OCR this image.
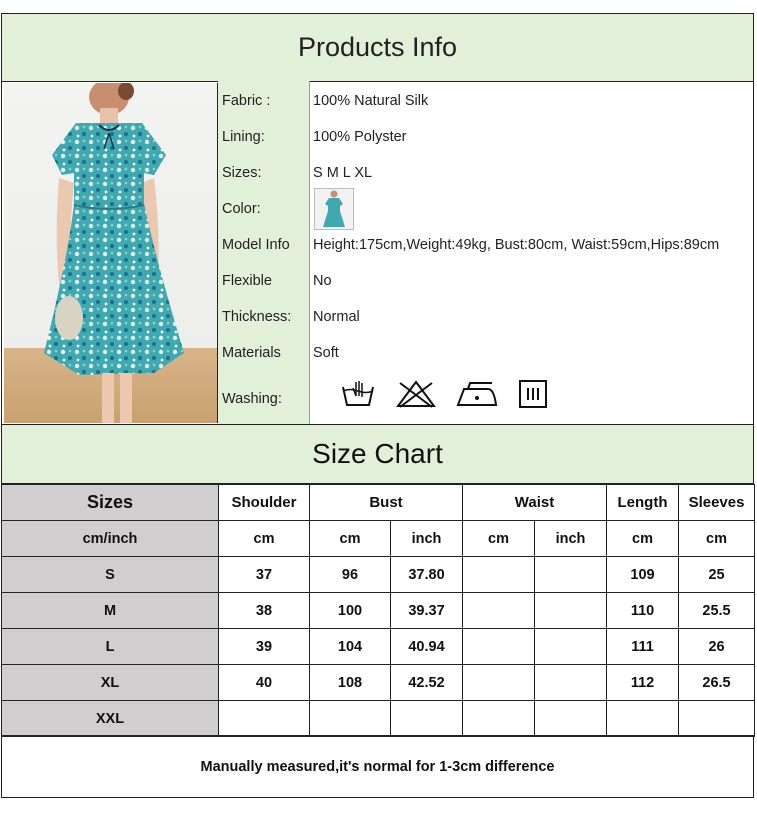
Products Info
Fabric :	100% Natural Silk
Lining:	100% Polyster
Sizes:	S M L XL
Color:
Model Info	Height:175cm,Weight:49kg, Bust:80cm, Waist:59cm,Hips:89cm
Flexible	No
Thickness:	Normal
Materials	Soft
Washing:
Size Chart
Sizes	Shoulder	Bust		Waist		Length	Sleeves
cm/inch	cm	cm	inch	cm	inch	cm	cm
S	37	96	37.80			109	25
M	38	100	39.37			110	25.5
L	39	104	40.94			111	26
XL	40	108	42.52			112	26.5
XXL							
Manually measured,it's normal for 1-3cm difference
